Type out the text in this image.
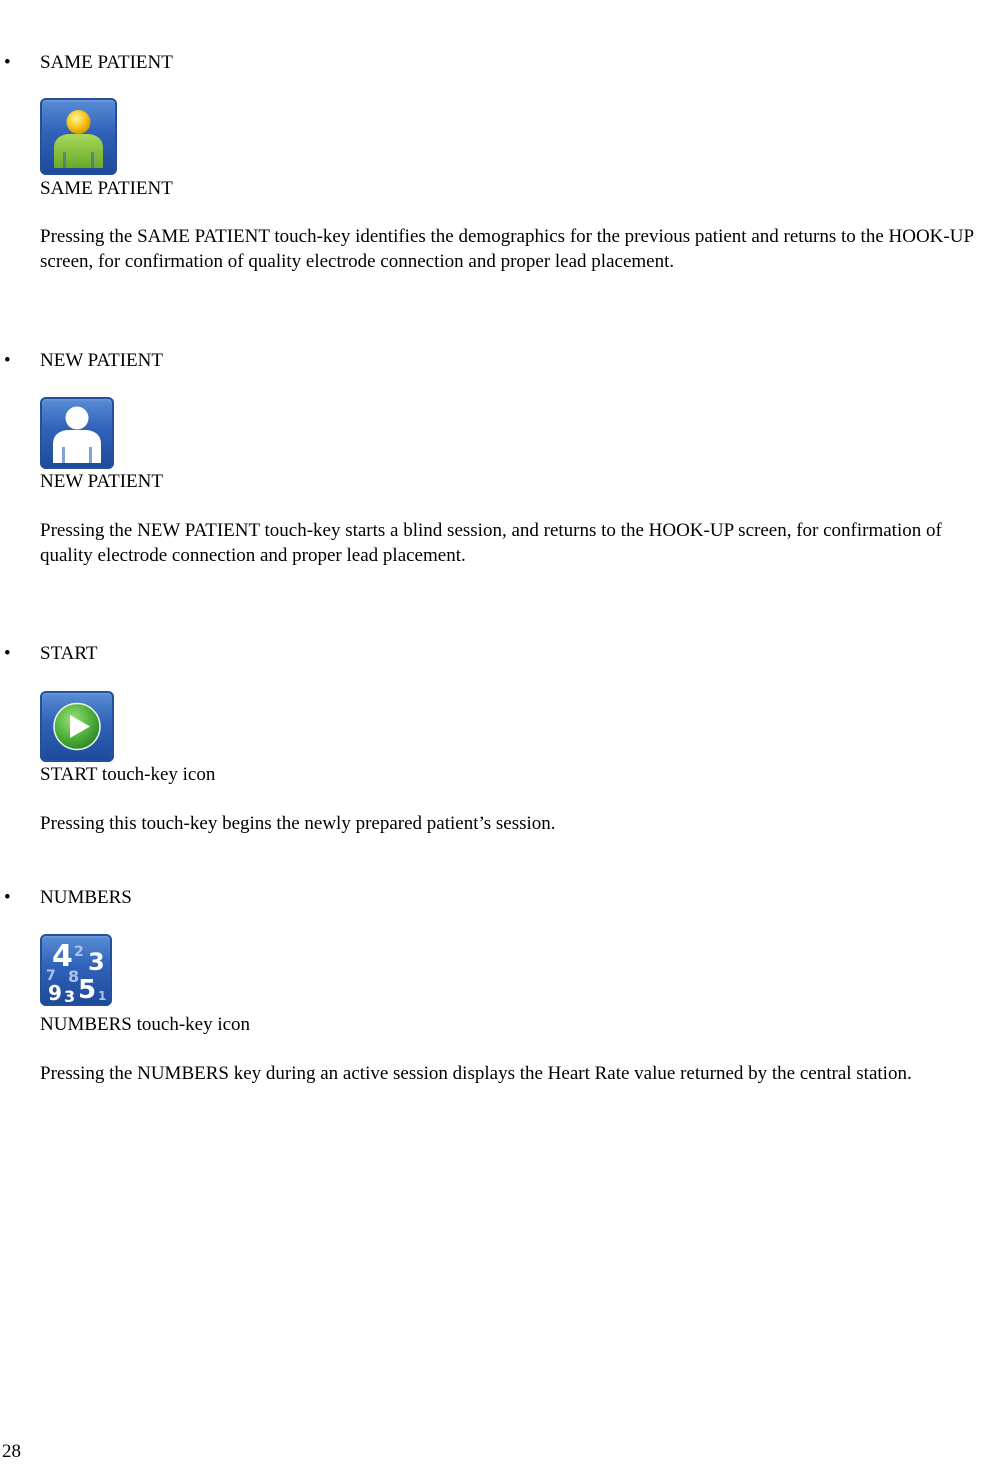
• SAME PATIENT
SAME PATIENT
Pressing the SAME PATIENT touch-key identifies the demographics for the previous patient and returns to the HOOK-UP screen, for confirmation of quality electrode connection and proper lead placement.
• NEW PATIENT
NEW PATIENT
Pressing the NEW PATIENT touch-key starts a blind session, and returns to the HOOK-UP screen, for confirmation of quality electrode connection and proper lead placement.
• START
START touch-key icon
Pressing this touch-key begins the newly prepared patient’s session.
• NUMBERS
4 2 3
7 8
9 3 5 1
NUMBERS touch-key icon
Pressing the NUMBERS key during an active session displays the Heart Rate value returned by the central station.
28
